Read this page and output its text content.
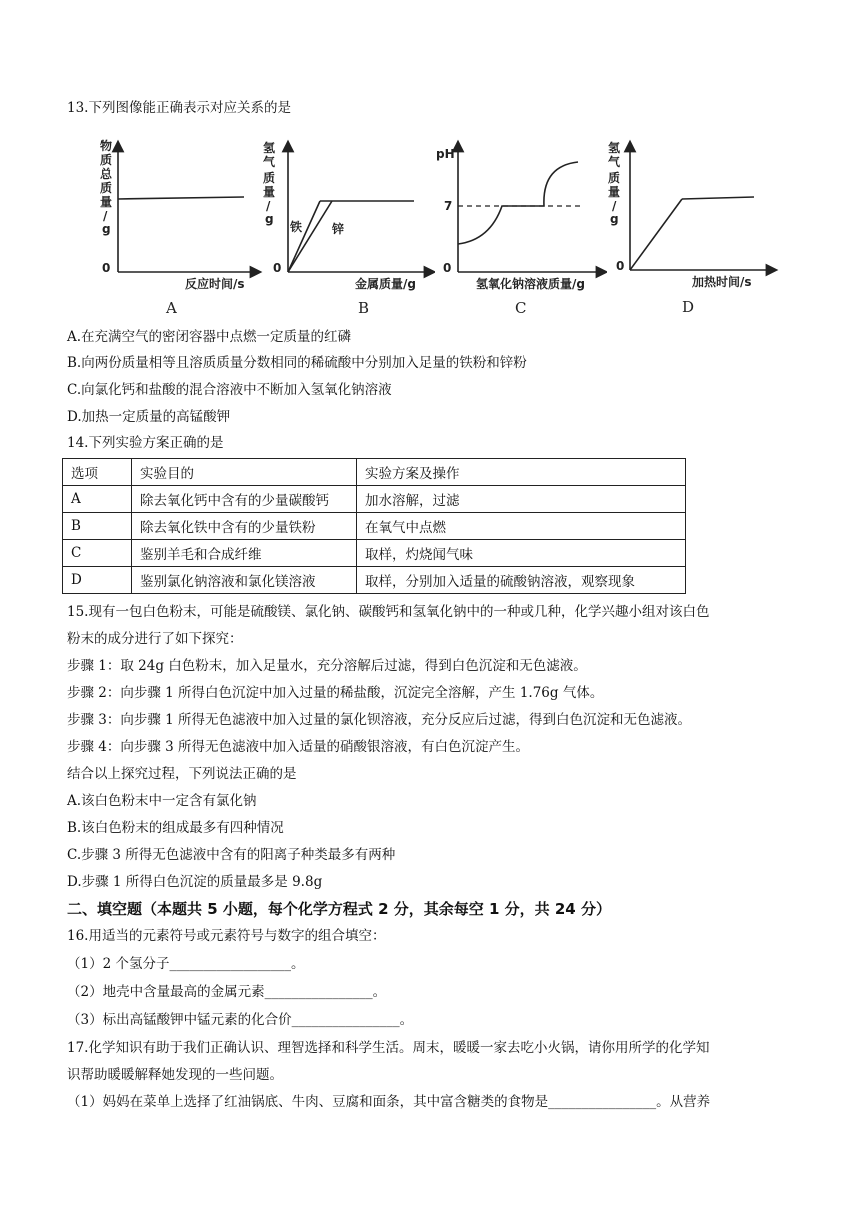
13.下列图像能正确表示对应关系的是
物
质
总
质
量
/
g
0
反应时间/s
A
氢
气
质
量
/
g
铁 锌
0
金属质量/g
B
pH
7
0
氢氧化钠溶液质量/g
C
氢
气
质
量
/
g
0
加热时间/s
D
A.在充满空气的密闭容器中点燃一定质量的红磷
B.向两份质量相等且溶质质量分数相同的稀硫酸中分别加入足量的铁粉和锌粉
C.向氯化钙和盐酸的混合溶液中不断加入氢氧化钠溶液
D.加热一定质量的高锰酸钾
14.下列实验方案正确的是
选项	实验目的	实验方案及操作
A	除去氧化钙中含有的少量碳酸钙	加水溶解，过滤
B	除去氧化铁中含有的少量铁粉	在氧气中点燃
C	鉴别羊毛和合成纤维	取样，灼烧闻气味
D	鉴别氯化钠溶液和氯化镁溶液	取样，分别加入适量的硫酸钠溶液，观察现象
15.现有一包白色粉末，可能是硫酸镁、氯化钠、碳酸钙和氢氧化钠中的一种或几种，化学兴趣小组对该白色
粉末的成分进行了如下探究：
步骤 1：取 24g 白色粉末，加入足量水，充分溶解后过滤，得到白色沉淀和无色滤液。
步骤 2：向步骤 1 所得白色沉淀中加入过量的稀盐酸，沉淀完全溶解，产生 1.76g 气体。
步骤 3：向步骤 1 所得无色滤液中加入过量的氯化钡溶液，充分反应后过滤，得到白色沉淀和无色滤液。
步骤 4：向步骤 3 所得无色滤液中加入适量的硝酸银溶液，有白色沉淀产生。
结合以上探究过程，下列说法正确的是
A.该白色粉末中一定含有氯化钠
B.该白色粉末的组成最多有四种情况
C.步骤 3 所得无色滤液中含有的阳离子种类最多有两种
D.步骤 1 所得白色沉淀的质量最多是 9.8g
二、填空题（本题共 5 小题，每个化学方程式 2 分，其余每空 1 分，共 24 分）
16.用适当的元素符号或元素符号与数字的组合填空：
（1）2 个氢分子__________________。
（2）地壳中含量最高的金属元素________________。
（3）标出高锰酸钾中锰元素的化合价________________。
17.化学知识有助于我们正确认识、理智选择和科学生活。周末，暖暖一家去吃小火锅，请你用所学的化学知
识帮助暖暖解释她发现的一些问题。
（1）妈妈在菜单上选择了红油锅底、牛肉、豆腐和面条，其中富含糖类的食物是________________。从营养
